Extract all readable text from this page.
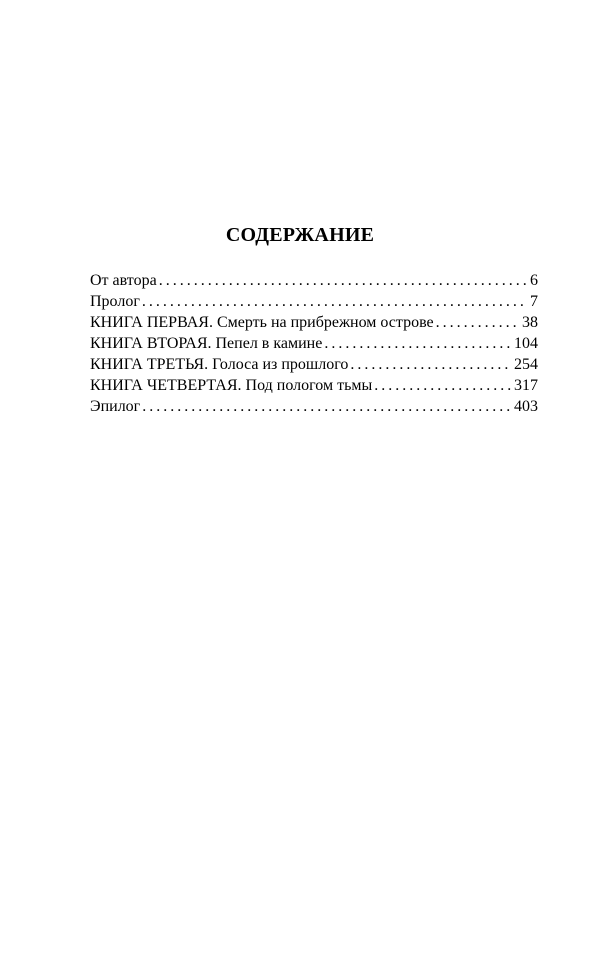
СОДЕРЖАНИЕ
От автора . . .	6
Пролог . . .	7
КНИГА ПЕРВАЯ. Смерть на прибрежном острове . . .	38
КНИГА ВТОРАЯ. Пепел в камине . . .	104
КНИГА ТРЕТЬЯ. Голоса из прошлого . . .	254
КНИГА ЧЕТВЕРТАЯ. Под пологом тьмы . . .	317
Эпилог . . .	403
